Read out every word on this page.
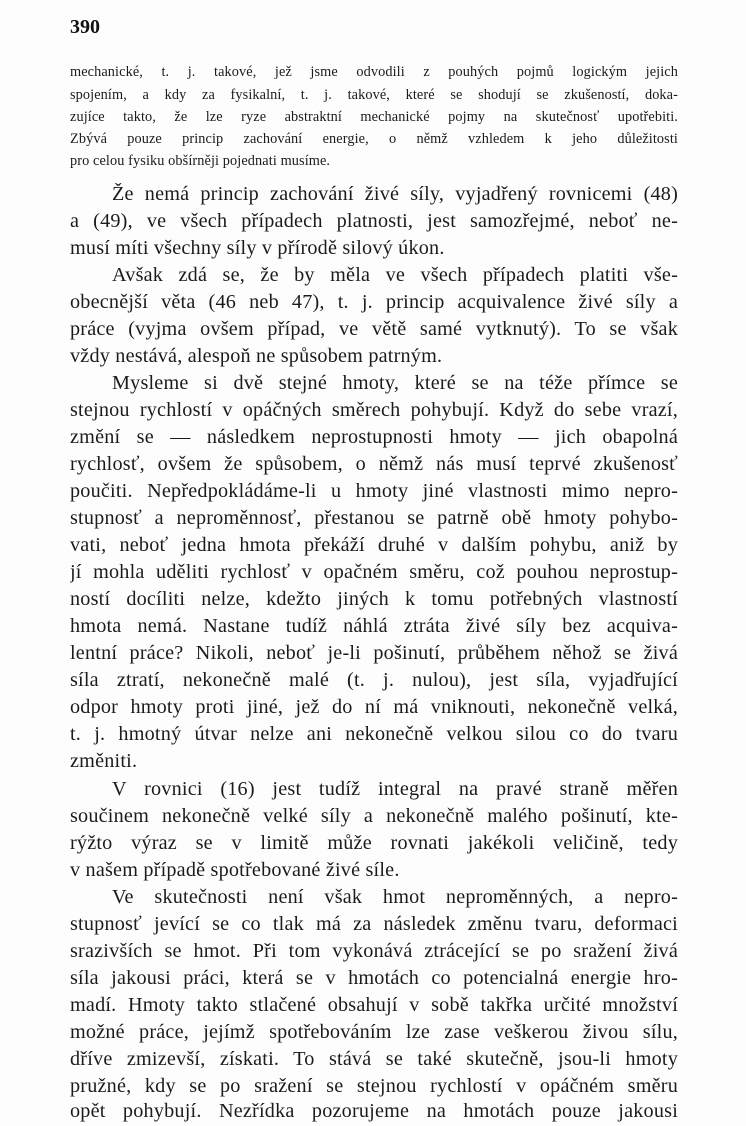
390
mechanické, t. j. takové, jež jsme odvodili z pouhých pojmů logickým jejich
spojením, a kdy za fysikalní, t. j. takové, které se shodují se zkušeností, doka-
zujíce takto, že lze ryze abstraktní mechanické pojmy na skutečnosť upotřebiti.
Zbývá pouze princip zachování energie, o němž vzhledem k jeho důležitosti
pro celou fysiku obšírněji pojednati musíme.
Že nemá princip zachování živé síly, vyjadřený rovnicemi (48)
a (49), ve všech případech platnosti, jest samozřejmé, neboť ne-
musí míti všechny síly v přírodě silový úkon.
Avšak zdá se, že by měla ve všech případech platiti vše-
obecnější věta (46 neb 47), t. j. princip acquivalence živé síly a
práce (vyjma ovšem případ, ve větě samé vytknutý). To se však
vždy nestává, alespoň ne spůsobem patrným.
Mysleme si dvě stejné hmoty, které se na téže přímce se
stejnou rychlostí v opáčných směrech pohybují. Když do sebe vrazí,
změní se — následkem neprostupnosti hmoty — jich obapolná
rychlosť, ovšem že spůsobem, o němž nás musí teprvé zkušenosť
poučiti. Nepředpokládáme-li u hmoty jiné vlastnosti mimo nepro-
stupnosť a neproměnnosť, přestanou se patrně obě hmoty pohybo-
vati, neboť jedna hmota překáží druhé v dalším pohybu, aniž by
jí mohla uděliti rychlosť v opačném směru, což pouhou neprostup-
ností docíliti nelze, kdežto jiných k tomu potřebných vlastností
hmota nemá. Nastane tudíž náhlá ztráta živé síly bez acquiva-
lentní práce? Nikoli, neboť je-li pošinutí, průběhem něhož se živá
síla ztratí, nekonečně malé (t. j. nulou), jest síla, vyjadřující
odpor hmoty proti jiné, jež do ní má vniknouti, nekonečně velká,
t. j. hmotný útvar nelze ani nekonečně velkou silou co do tvaru
změniti.
V rovnici (16) jest tudíž integral na pravé straně měřen
součinem nekonečně velké síly a nekonečně malého pošinutí, kte-
rýžto výraz se v limitě může rovnati jakékoli veličině, tedy
v našem případě spotřebované živé síle.
Ve skutečnosti není však hmot neproměnných, a nepro-
stupnosť jevící se co tlak má za následek změnu tvaru, deformaci
srazivších se hmot. Při tom vykonává ztrácející se po sražení živá
síla jakousi práci, která se v hmotách co potencialná energie hro-
madí. Hmoty takto stlačené obsahují v sobě takřka určité množství
možné práce, jejímž spotřebováním lze zase veškerou živou sílu,
dříve zmizevší, získati. To stává se také skutečně, jsou-li hmoty
pružné, kdy se po sražení se stejnou rychlostí v opáčném směru
opět pohybují. Nezřídka pozorujeme na hmotách pouze jakousi
